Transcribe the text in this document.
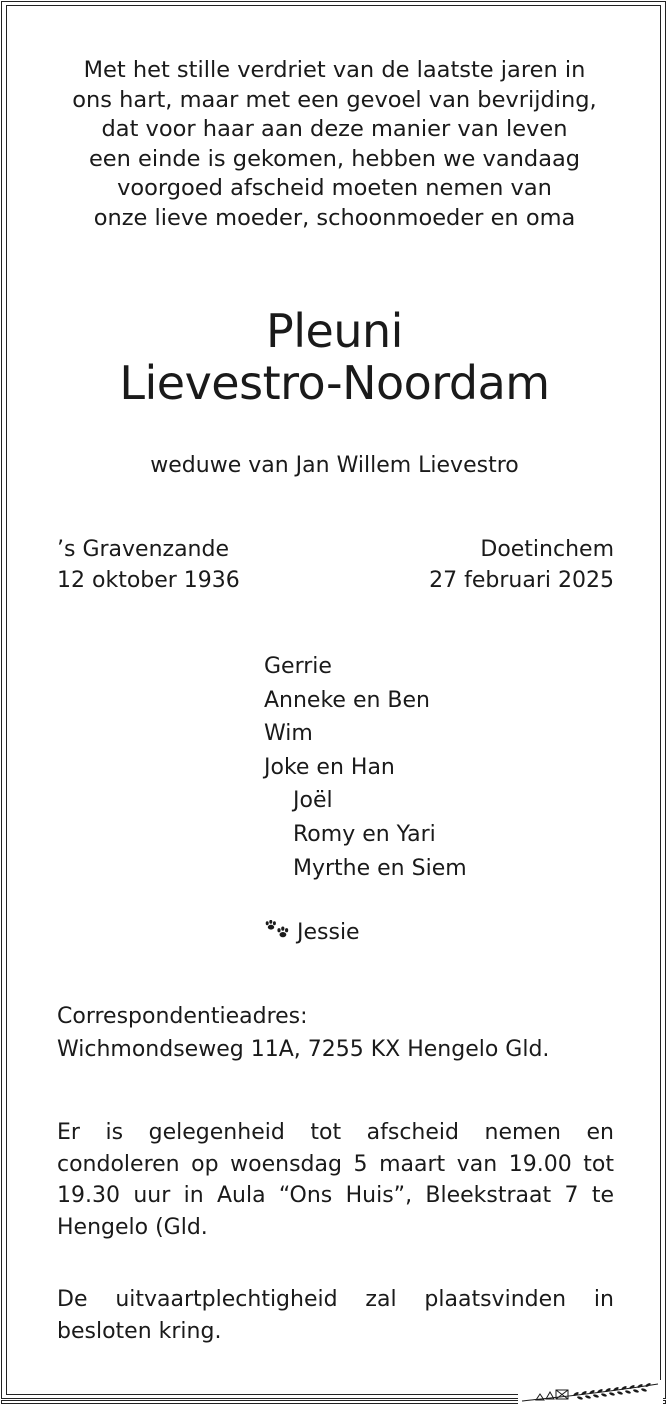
Met het stille verdriet van de laatste jaren in
ons hart, maar met een gevoel van bevrijding,
dat voor haar aan deze manier van leven
een einde is gekomen, hebben we vandaag
voorgoed afscheid moeten nemen van
onze lieve moeder, schoonmoeder en oma
Pleuni
Lievestro-Noordam
weduwe van Jan Willem Lievestro
’s Gravenzande	Doetinchem
12 oktober 1936	27 februari 2025
Gerrie
Anneke en Ben
Wim
Joke en Han
Joël
Romy en Yari
Myrthe en Siem
Jessie
Correspondentieadres:
Wichmondseweg 11A, 7255 KX Hengelo Gld.

Er is gelegenheid tot afscheid nemen en condoleren op woensdag 5 maart van 19.00 tot 19.30 uur in Aula “Ons Huis”, Bleekstraat 7 te Hengelo (Gld.

De uitvaartplechtigheid zal plaatsvinden in besloten kring.
